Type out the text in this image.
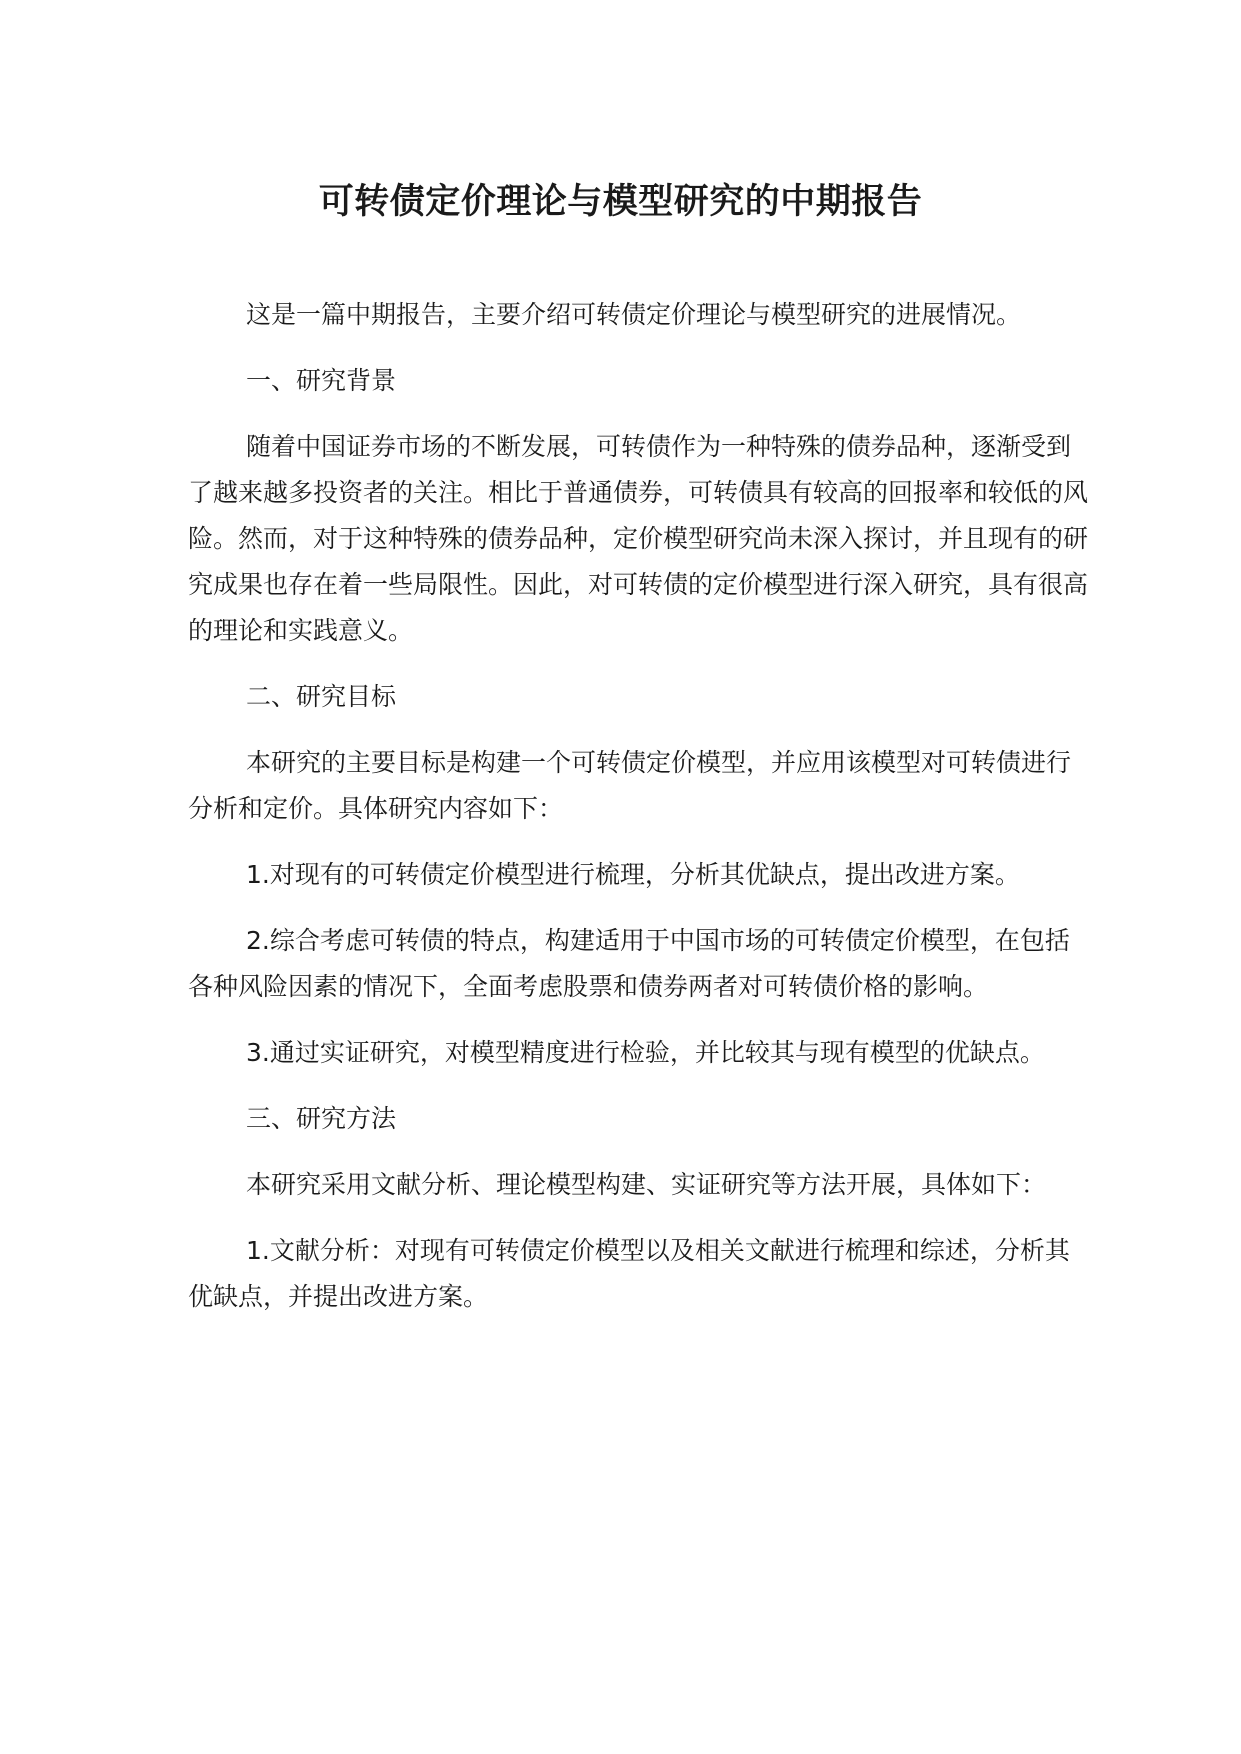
可转债定价理论与模型研究的中期报告

这是一篇中期报告，主要介绍可转债定价理论与模型研究的进展情况。

一、研究背景

随着中国证券市场的不断发展，可转债作为一种特殊的债券品种，逐渐受到了越来越多投资者的关注。相比于普通债券，可转债具有较高的回报率和较低的风险。然而，对于这种特殊的债券品种，定价模型研究尚未深入探讨，并且现有的研究成果也存在着一些局限性。因此，对可转债的定价模型进行深入研究，具有很高的理论和实践意义。

二、研究目标

本研究的主要目标是构建一个可转债定价模型，并应用该模型对可转债进行分析和定价。具体研究内容如下：

1.对现有的可转债定价模型进行梳理，分析其优缺点，提出改进方案。

2.综合考虑可转债的特点，构建适用于中国市场的可转债定价模型，在包括各种风险因素的情况下，全面考虑股票和债券两者对可转债价格的影响。

3.通过实证研究，对模型精度进行检验，并比较其与现有模型的优缺点。

三、研究方法

本研究采用文献分析、理论模型构建、实证研究等方法开展，具体如下：

1.文献分析：对现有可转债定价模型以及相关文献进行梳理和综述，分析其优缺点，并提出改进方案。
